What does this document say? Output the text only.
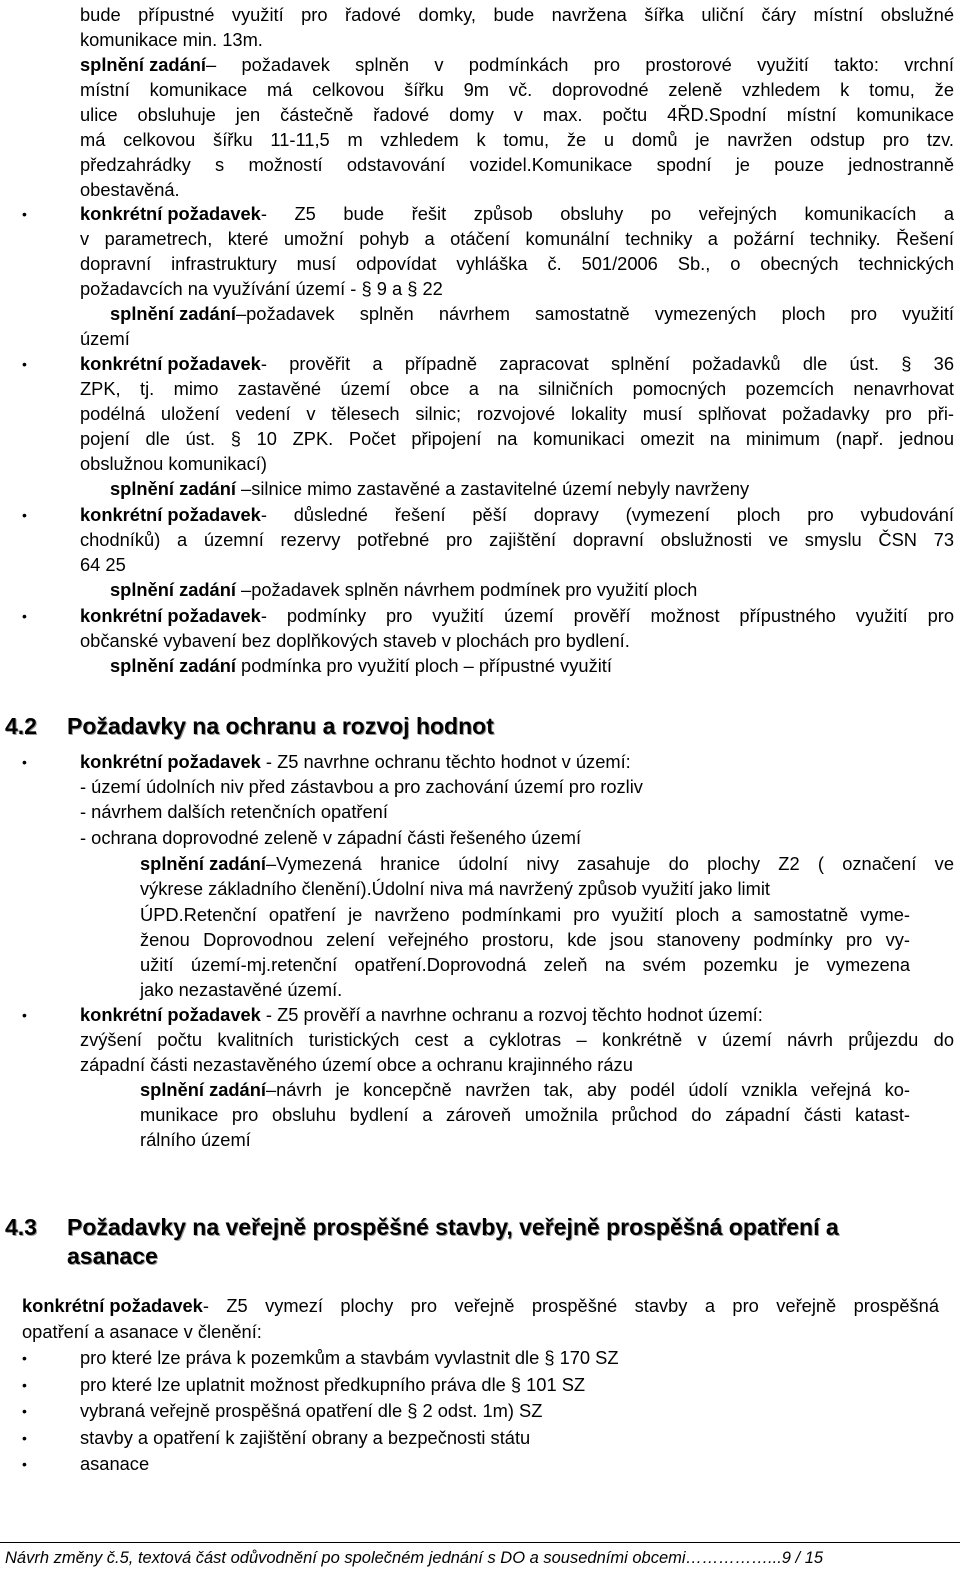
bude přípustné využití pro řadové domky, bude navržena šířka uliční čáry místní obslužné
komunikace min. 13m.
splnění zadání – požadavek splněn v podmínkách pro prostorové využití takto: vrchní
místní komunikace má celkovou šířku 9m vč. doprovodné zeleně vzhledem k tomu, že
ulice obsluhuje jen částečně řadové domy v max. počtu 4ŘD.Spodní místní komunikace
má celkovou šířku 11-11,5 m vzhledem k tomu, že u domů je navržen odstup pro tzv.
předzahrádky s možností odstavování vozidel.Komunikace spodní je pouze jednostranně
obestavěná.
•	konkrétní požadavek - Z5 bude řešit způsob obsluhy po veřejných komunikacích a
v parametrech, které umožní pohyb a otáčení komunální techniky a požární techniky. Řešení
dopravní infrastruktury musí odpovídat vyhláška č. 501/2006 Sb., o obecných technických
požadavcích na využívání území - § 9 a § 22
splnění zadání –požadavek splněn návrhem samostatně vymezených ploch pro využití
území
•	konkrétní požadavek - prověřit a případně zapracovat splnění požadavků dle úst. § 36
ZPK, tj. mimo zastavěné území obce a na silničních pomocných pozemcích nenavrhovat
podélná uložení vedení v tělesech silnic; rozvojové lokality musí splňovat požadavky pro při-
pojení dle úst. § 10 ZPK. Počet připojení na komunikaci omezit na minimum (např. jednou
obslužnou komunikací)
splnění zadání –silnice mimo zastavěné a zastavitelné území nebyly navrženy
•	konkrétní požadavek - důsledné řešení pěší dopravy (vymezení ploch pro vybudování
chodníků) a územní rezervy potřebné pro zajištění dopravní obslužnosti ve smyslu ČSN 73
64 25
splnění zadání –požadavek splněn návrhem podmínek pro využití ploch
•	konkrétní požadavek - podmínky pro využití území prověří možnost přípustného využití pro
občanské vybavení bez doplňkových staveb v plochách pro bydlení.
splnění zadání podmínka pro využití ploch – přípustné využití
4.2 Požadavky na ochranu a rozvoj hodnot
•	konkrétní požadavek - Z5 navrhne ochranu těchto hodnot v území:
- území údolních niv před zástavbou a pro zachování území pro rozliv
- návrhem dalších retenčních opatření
- ochrana doprovodné zeleně v západní části řešeného území
splnění zadání –Vymezená hranice údolní nivy zasahuje do plochy Z2 ( označení ve
výkrese základního členění).Údolní niva má navržený způsob využití jako limit
ÚPD.Retenční opatření je navrženo podmínkami pro využití ploch a samostatně vyme-
ženou Doprovodnou zelení veřejného prostoru, kde jsou stanoveny podmínky pro vy-
užití území-mj.retenční opatření.Doprovodná zeleň na svém pozemku je vymezena
jako nezastavěné území.
•	konkrétní požadavek - Z5 prověří a navrhne ochranu a rozvoj těchto hodnot území:
zvýšení počtu kvalitních turistických cest a cyklotras – konkrétně v území návrh průjezdu do
západní části nezastavěného území obce a ochranu krajinného rázu
splnění zadání –návrh je koncepčně navržen tak, aby podél údolí vznikla veřejná ko-
munikace pro obsluhu bydlení a zároveň umožnila průchod do západní části katast-
rálního území
4.3 Požadavky na veřejně prospěšné stavby, veřejně prospěšná opatření a
asanace
konkrétní požadavek - Z5 vymezí plochy pro veřejně prospěšné stavby a pro veřejně prospěšná
opatření a asanace v členění:
•	pro které lze práva k pozemkům a stavbám vyvlastnit dle § 170 SZ
•	pro které lze uplatnit možnost předkupního práva dle § 101 SZ
•	vybraná veřejně prospěšná opatření dle § 2 odst. 1m) SZ
•	stavby a opatření k zajištění obrany a bezpečnosti státu
•	asanace
Návrh změny č.5, textová část odůvodnění po společném jednání s DO a sousedními obcemi……………...9 / 15
